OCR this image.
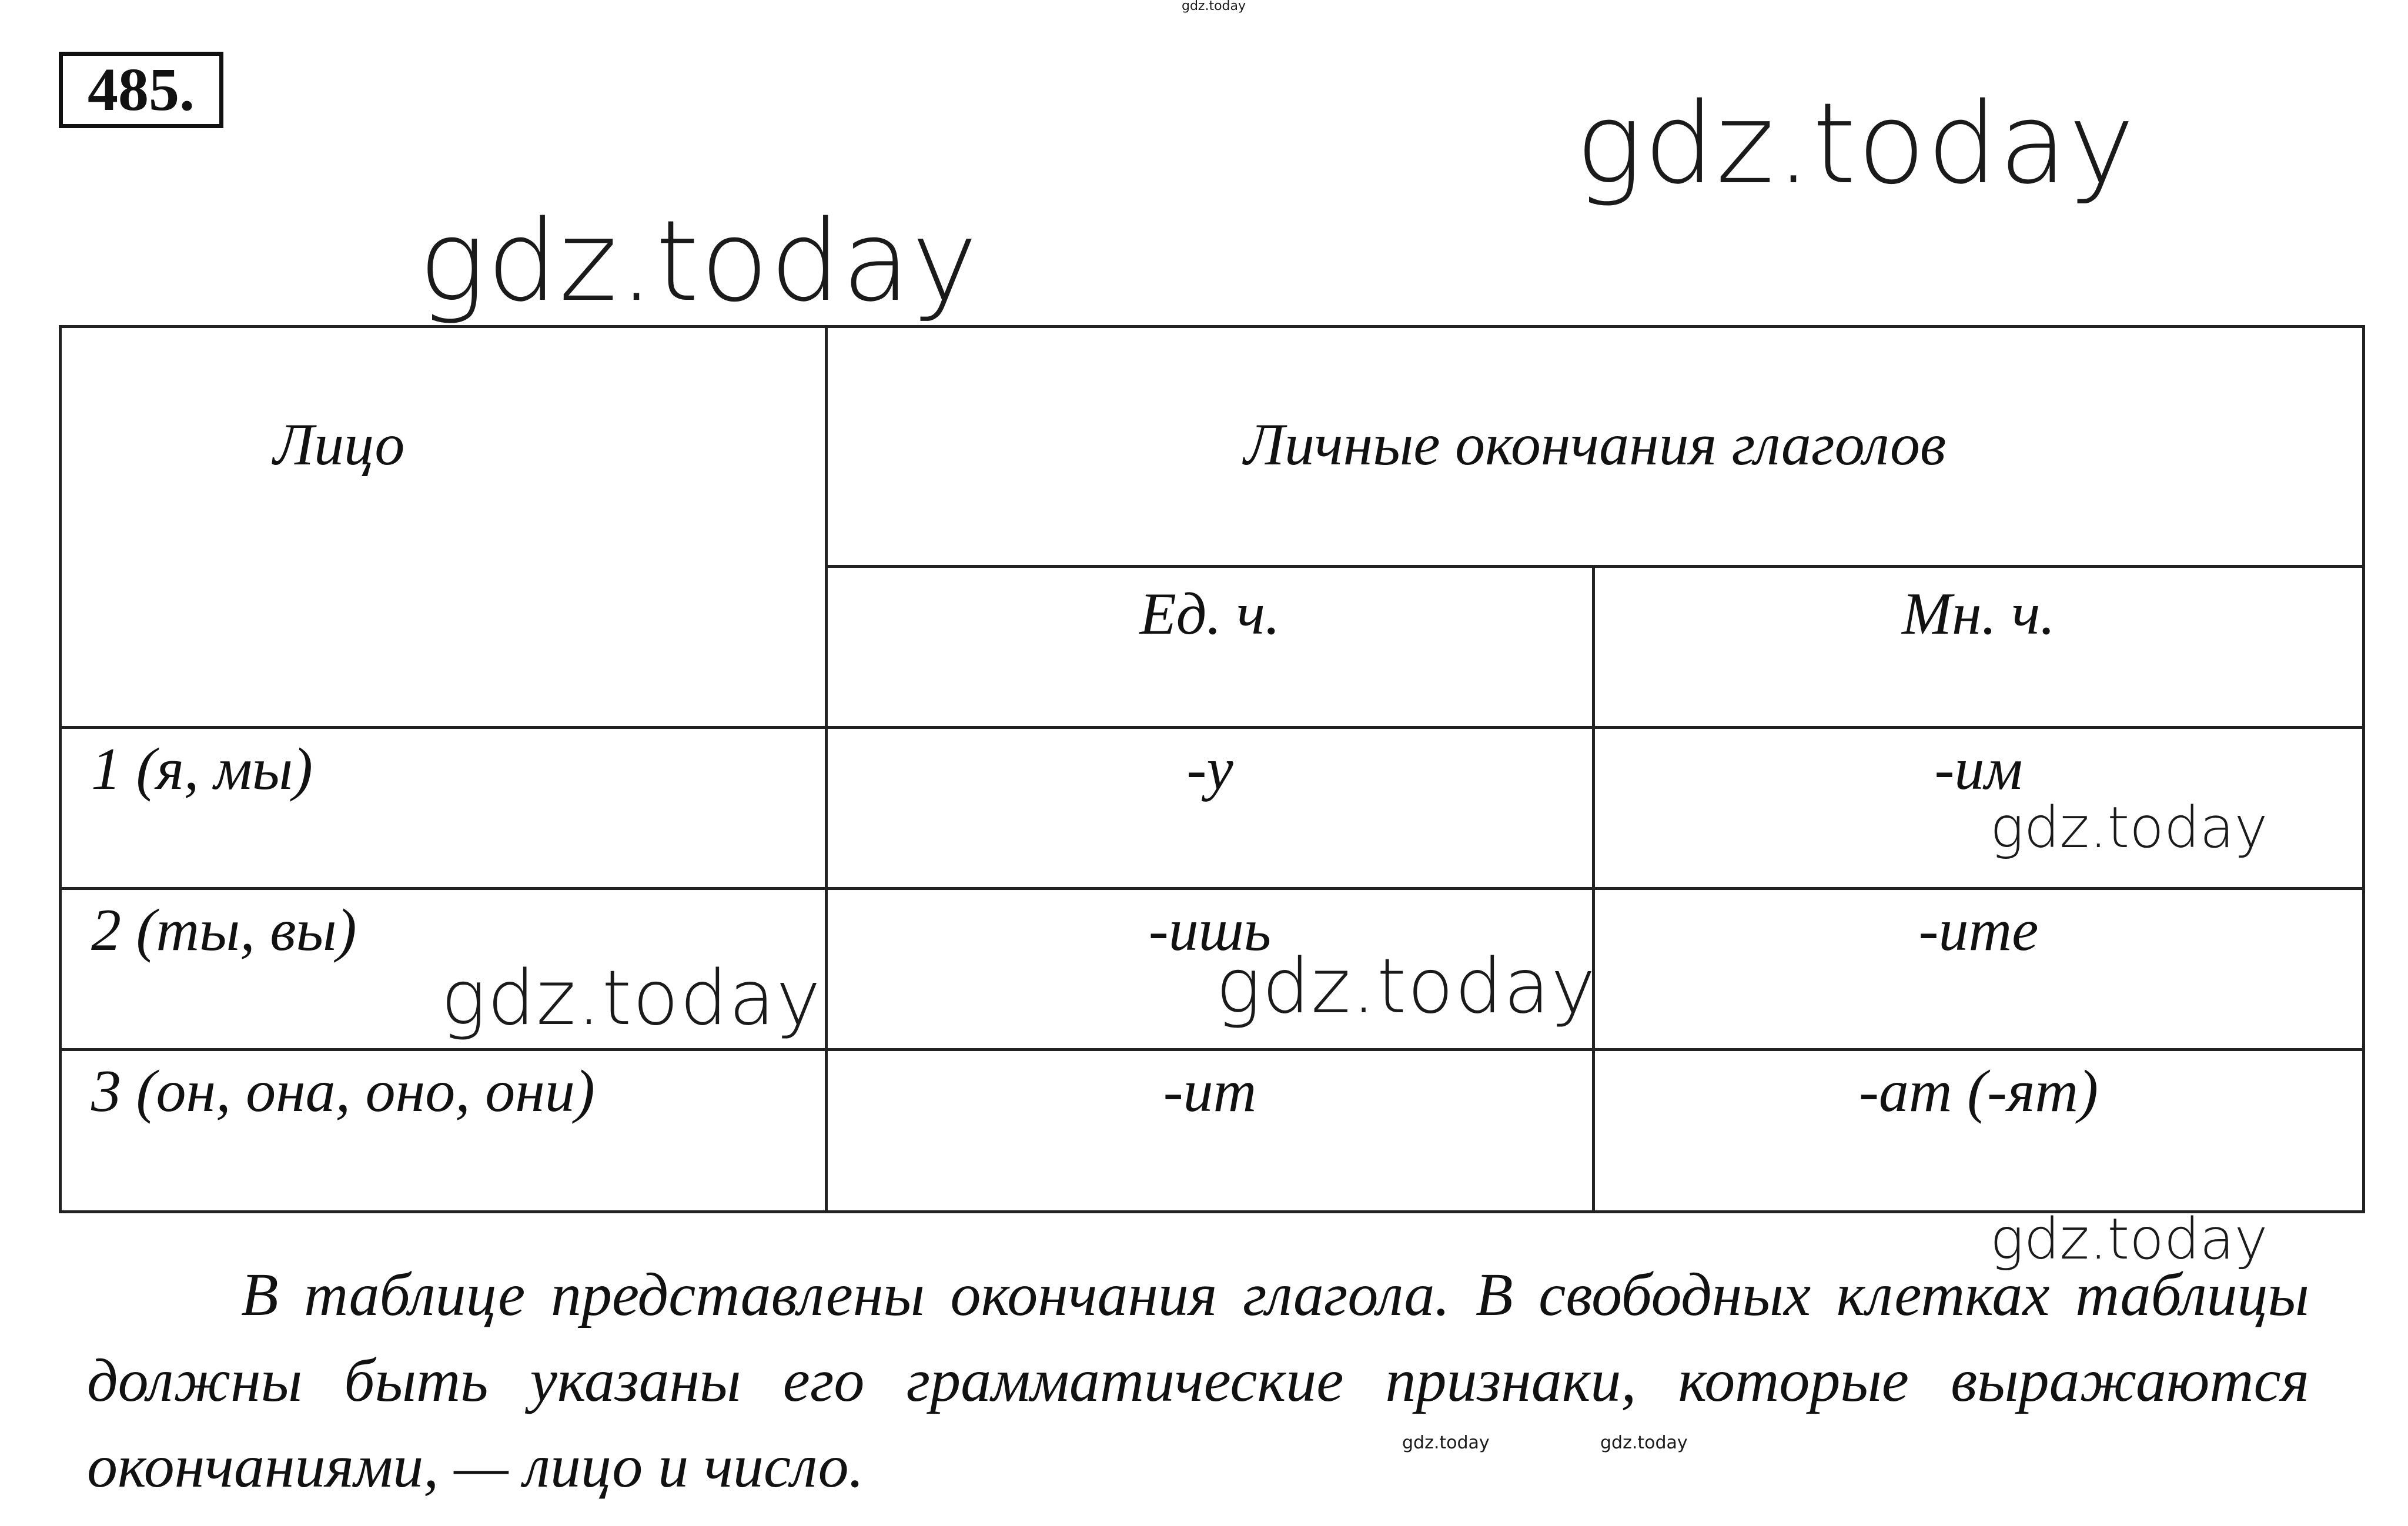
485.
gdz.today
gdz.today
gdz.today
Лицо	Личные окончания глаголов	
	Ед. ч.	Мн. ч.
1 (я, мы)	-у	-им
2 (ты, вы)	-ишь	-ите
3 (он, она, оно, они)	-ит	-ат (-ят)
gdz.today
gdz.today	gdz.today
gdz.today
В таблице представлены окончания глагола. В свободных клетках таблицы должны быть указаны его грамматические признаки, которые выражаются окончаниями, — лицо и число.	gdz.today	gdz.today
